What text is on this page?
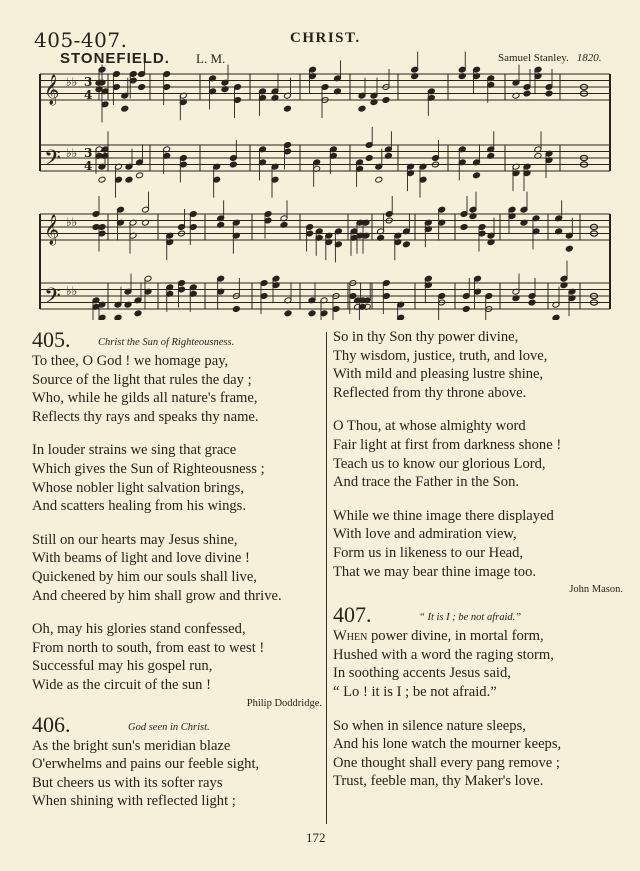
405-407.	CHRIST.
STONEFIELD. L. M.	Samuel Stanley. 1820.
𝄞 ♭♭
𝄢 ♭♭
𝄞 ♭♭
𝄢 ♭♭
3
4
3
4
405.	Christ the Sun of Righteousness.
To thee, O God ! we homage pay,
Source of the light that rules the day ;
Who, while he gilds all nature's frame,
Reflects thy rays and speaks thy name.
In louder strains we sing that grace
Which gives the Sun of Righteousness ;
Whose nobler light salvation brings,
And scatters healing from his wings.
Still on our hearts may Jesus shine,
With beams of light and love divine !
Quickened by him our souls shall live,
And cheered by him shall grow and thrive.
Oh, may his glories stand confessed,
From north to south, from east to west !
Successful may his gospel run,
Wide as the circuit of the sun !
Philip Doddridge.
406.	God seen in Christ.
As the bright sun's meridian blaze
O'erwhelms and pains our feeble sight,
But cheers us with its softer rays
When shining with reflected light ;
So in thy Son thy power divine,
Thy wisdom, justice, truth, and love,
With mild and pleasing lustre shine,
Reflected from thy throne above.
O Thou, at whose almighty word
Fair light at first from darkness shone !
Teach us to know our glorious Lord,
And trace the Father in the Son.
While we thine image there displayed
With love and admiration view,
Form us in likeness to our Head,
That we may bear thine image too.
John Mason.
407.	“ It is I ; be not afraid.”
When power divine, in mortal form,
Hushed with a word the raging storm,
In soothing accents Jesus said,
“ Lo ! it is I ; be not afraid.”
So when in silence nature sleeps,
And his lone watch the mourner keeps,
One thought shall every pang remove ;
Trust, feeble man, thy Maker's love.
172
